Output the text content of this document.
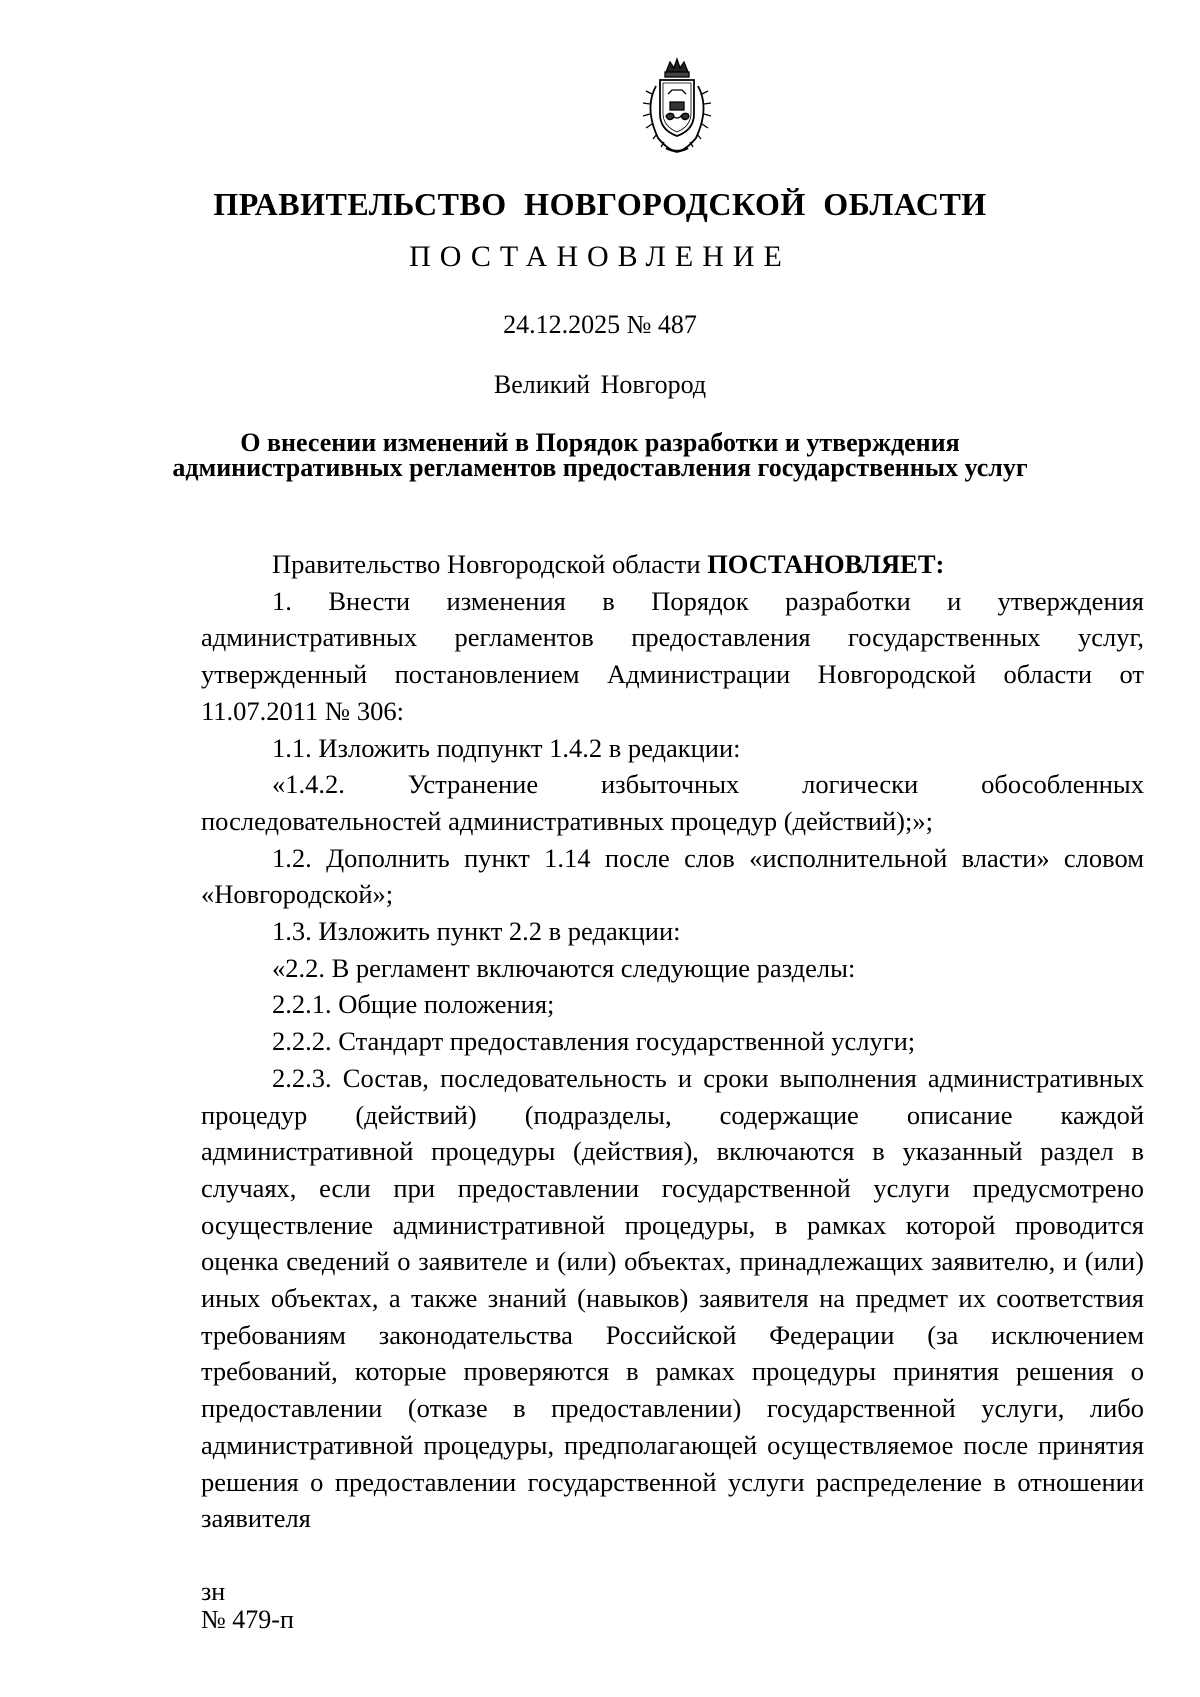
ПРАВИТЕЛЬСТВО НОВГОРОДСКОЙ ОБЛАСТИ
ПОСТАНОВЛЕНИЕ
24.12.2025 № 487
Великий Новгород
О внесении изменений в Порядок разработки и утверждения административных регламентов предоставления государственных услуг

Правительство Новгородской области ПОСТАНОВЛЯЕТ:

1. Внести изменения в Порядок разработки и утверждения административных регламентов предоставления государственных услуг, утвержденный постановлением Администрации Новгородской области от 11.07.2011 № 306:

1.1. Изложить подпункт 1.4.2 в редакции:

«1.4.2. Устранение избыточных логически обособленных последовательностей административных процедур (действий);»;

1.2. Дополнить пункт 1.14 после слов «исполнительной власти» словом «Новгородской»;

1.3. Изложить пункт 2.2 в редакции:

«2.2. В регламент включаются следующие разделы:

2.2.1. Общие положения;

2.2.2. Стандарт предоставления государственной услуги;

2.2.3. Состав, последовательность и сроки выполнения административных процедур (действий) (подразделы, содержащие описание каждой административной процедуры (действия), включаются в указанный раздел в случаях, если при предоставлении государственной услуги предусмотрено осуществление административной процедуры, в рамках которой проводится оценка сведений о заявителе и (или) объектах, принадлежащих заявителю, и (или) иных объектах, а также знаний (навыков) заявителя на предмет их соответствия требованиям законодательства Российской Федерации (за исключением требований, которые проверяются в рамках процедуры принятия решения о предоставлении (отказе в предоставлении) государственной услуги, либо административной процедуры, предполагающей осуществляемое после принятия решения о предоставлении государственной услуги распределение в отношении заявителя

зн
№ 479-п
